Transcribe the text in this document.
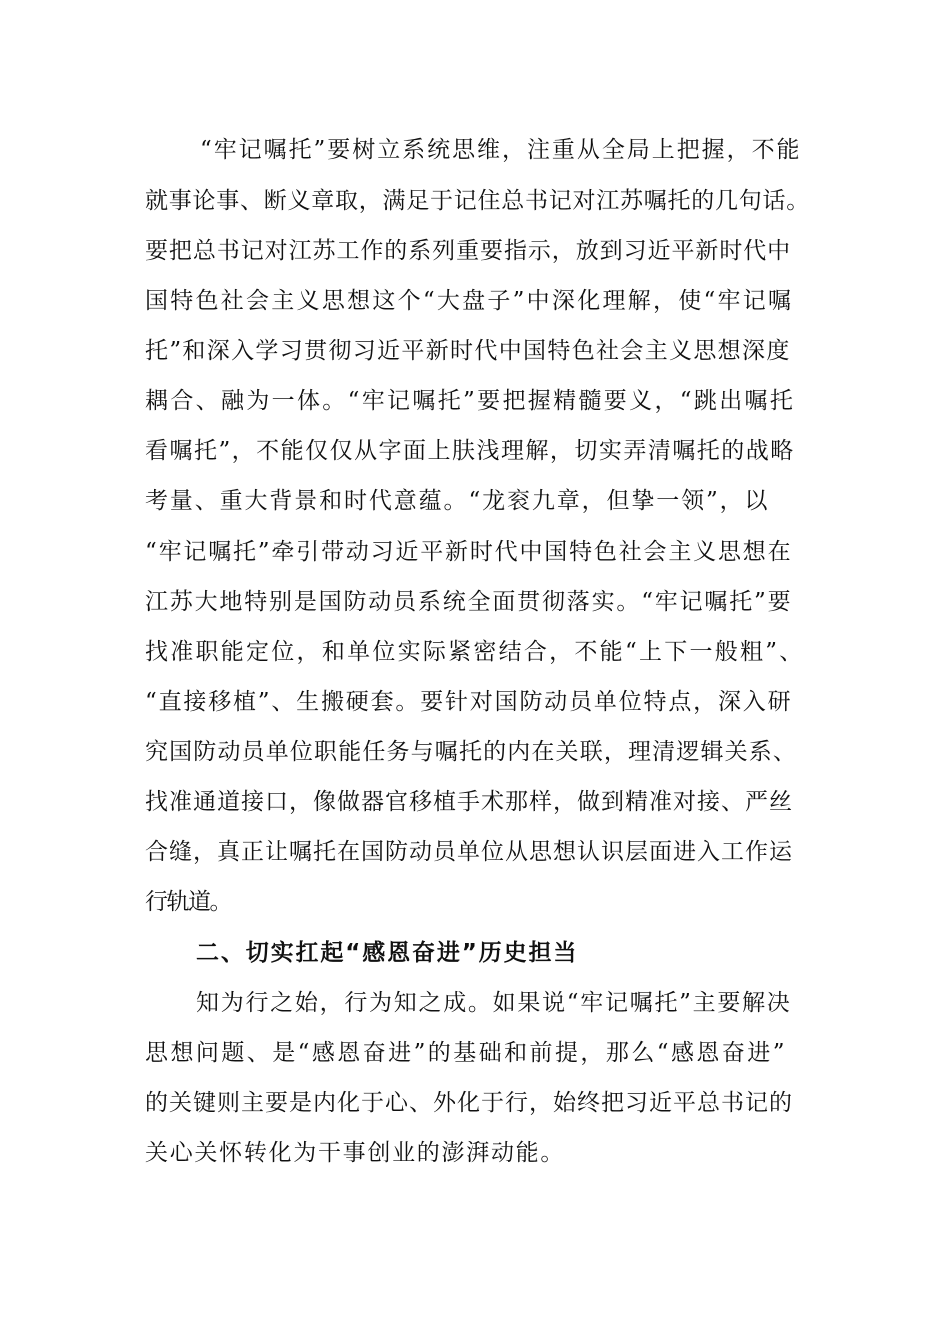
“牢记嘱托”要树立系统思维，注重从全局上把握，不能
就事论事、断义章取，满足于记住总书记对江苏嘱托的几句话。
要把总书记对江苏工作的系列重要指示，放到习近平新时代中
国特色社会主义思想这个“大盘子”中深化理解，使“牢记嘱
托”和深入学习贯彻习近平新时代中国特色社会主义思想深度
耦合、融为一体。“牢记嘱托”要把握精髓要义，“跳出嘱托
看嘱托”，不能仅仅从字面上肤浅理解，切实弄清嘱托的战略
考量、重大背景和时代意蕴。“龙衮九章，但挚一领”，以
“牢记嘱托”牵引带动习近平新时代中国特色社会主义思想在
江苏大地特别是国防动员系统全面贯彻落实。“牢记嘱托”要
找准职能定位，和单位实际紧密结合，不能“上下一般粗”、
“直接移植”、生搬硬套。要针对国防动员单位特点，深入研
究国防动员单位职能任务与嘱托的内在关联，理清逻辑关系、
找准通道接口，像做器官移植手术那样，做到精准对接、严丝
合缝，真正让嘱托在国防动员单位从思想认识层面进入工作运
行轨道。
二、切实扛起“感恩奋进”历史担当
知为行之始，行为知之成。如果说“牢记嘱托”主要解决
思想问题、是“感恩奋进”的基础和前提，那么“感恩奋进”
的关键则主要是内化于心、外化于行，始终把习近平总书记的
关心关怀转化为干事创业的澎湃动能。
